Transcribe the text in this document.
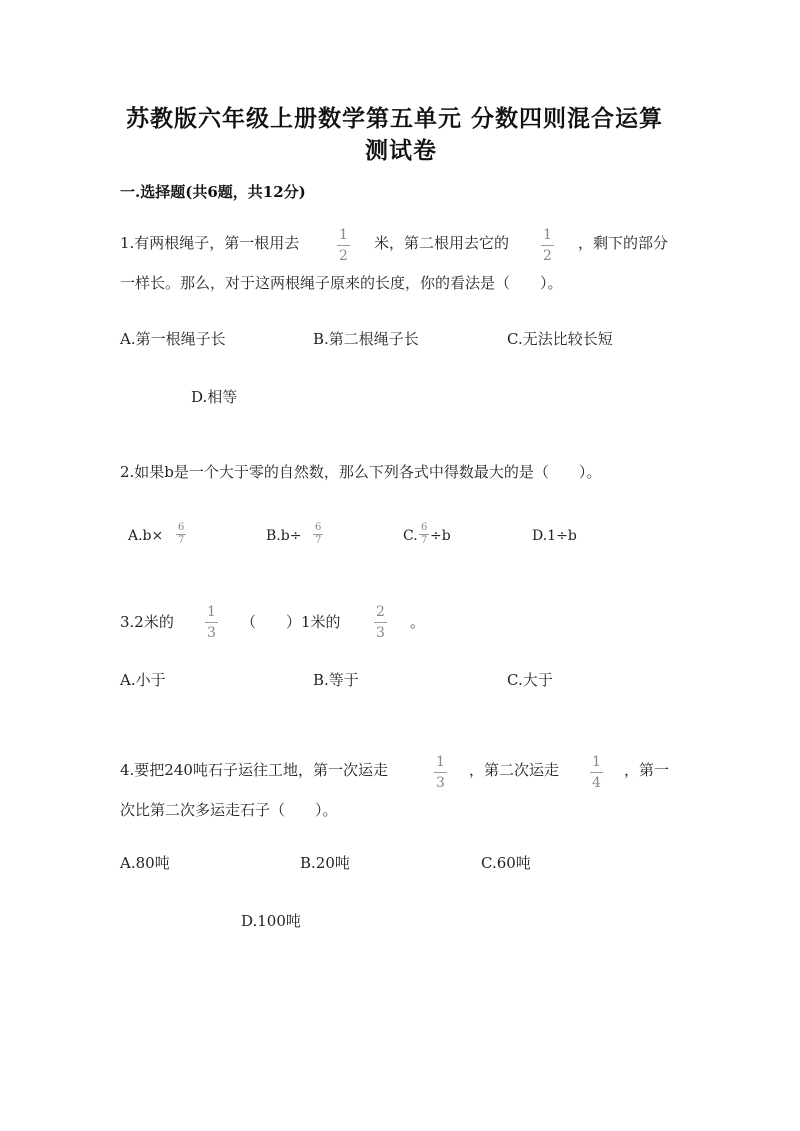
苏教版六年级上册数学第五单元 分数四则混合运算
测试卷
一.选择题(共6题，共12分)
1.有两根绳子，第一根用去	$\frac{1}{2}$ 米，第二根用去它的 $\frac{1}{2}$ ，剩下的部分
一样长。那么，对于这两根绳子原来的长度，你的看法是（　　）。
A.第一根绳子长	B.第二根绳子长	C.无法比较长短
D.相等
2.如果b是一个大于零的自然数，那么下列各式中得数最大的是（　　）。
$A.b\times \frac{6}{7}$	$B.b\div \frac{6}{7}$	C. $\frac{6}{7} \div b$	D.1÷b
3.2米的 $\frac{1}{3}$ （　　）1米的 $\frac{2}{3}$ 。
A.小于	B.等于	C.大于
4.要把240吨石子运往工地，第一次运走	$\frac{1}{3}$ ，第二次运走 $\frac{1}{4}$ ，第一
次比第二次多运走石子（　　）。
A.80吨	B.20吨	C.60吨
D.100吨
